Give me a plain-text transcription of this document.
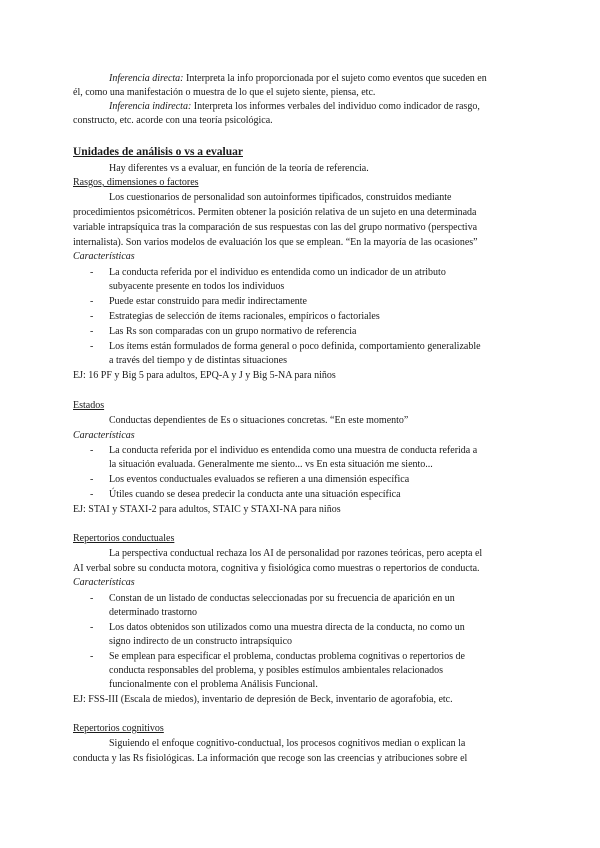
Inferencia directa: Interpreta la info proporcionada por el sujeto como eventos que suceden en
él, como una manifestación o muestra de lo que el sujeto siente, piensa, etc.
Inferencia indirecta: Interpreta los informes verbales del individuo como indicador de rasgo,
constructo, etc. acorde con una teoría psicológica.
Unidades de análisis o vs a evaluar
Hay diferentes vs a evaluar, en función de la teoría de referencia.
Rasgos, dimensiones o factores
Los cuestionarios de personalidad son autoinformes tipificados, construidos mediante
procedimientos psicométricos. Permiten obtener la posición relativa de un sujeto en una determinada
variable intrapsíquica tras la comparación de sus respuestas con las del grupo normativo (perspectiva
internalista). Son varios modelos de evaluación los que se emplean. “En la mayoría de las ocasiones”
Características
- La conducta referida por el individuo es entendida como un indicador de un atributo
subyacente presente en todos los individuos
- Puede estar construido para medir indirectamente
- Estrategias de selección de ítems racionales, empíricos o factoriales
- Las Rs son comparadas con un grupo normativo de referencia
- Los ítems están formulados de forma general o poco definida, comportamiento generalizable
a través del tiempo y de distintas situaciones
EJ: 16 PF y Big 5 para adultos, EPQ-A y J y Big 5-NA para niños
Estados
Conductas dependientes de Es o situaciones concretas. “En este momento”
Características
- La conducta referida por el individuo es entendida como una muestra de conducta referida a
la situación evaluada. Generalmente me siento... vs En esta situación me siento...
- Los eventos conductuales evaluados se refieren a una dimensión específica
- Útiles cuando se desea predecir la conducta ante una situación específica
EJ: STAI y STAXI-2 para adultos, STAIC y STAXI-NA para niños
Repertorios conductuales
La perspectiva conductual rechaza los AI de personalidad por razones teóricas, pero acepta el
AI verbal sobre su conducta motora, cognitiva y fisiológica como muestras o repertorios de conducta.
Características
- Constan de un listado de conductas seleccionadas por su frecuencia de aparición en un
determinado trastorno
- Los datos obtenidos son utilizados como una muestra directa de la conducta, no como un
signo indirecto de un constructo intrapsíquico
- Se emplean para especificar el problema, conductas problema cognitivas o repertorios de
conducta responsables del problema, y posibles estímulos ambientales relacionados
funcionalmente con el problema Análisis Funcional.
EJ: FSS-III (Escala de miedos), inventario de depresión de Beck, inventario de agorafobia, etc.
Repertorios cognitivos
Siguiendo el enfoque cognitivo-conductual, los procesos cognitivos median o explican la
conducta y las Rs fisiológicas. La información que recoge son las creencias y atribuciones sobre el
